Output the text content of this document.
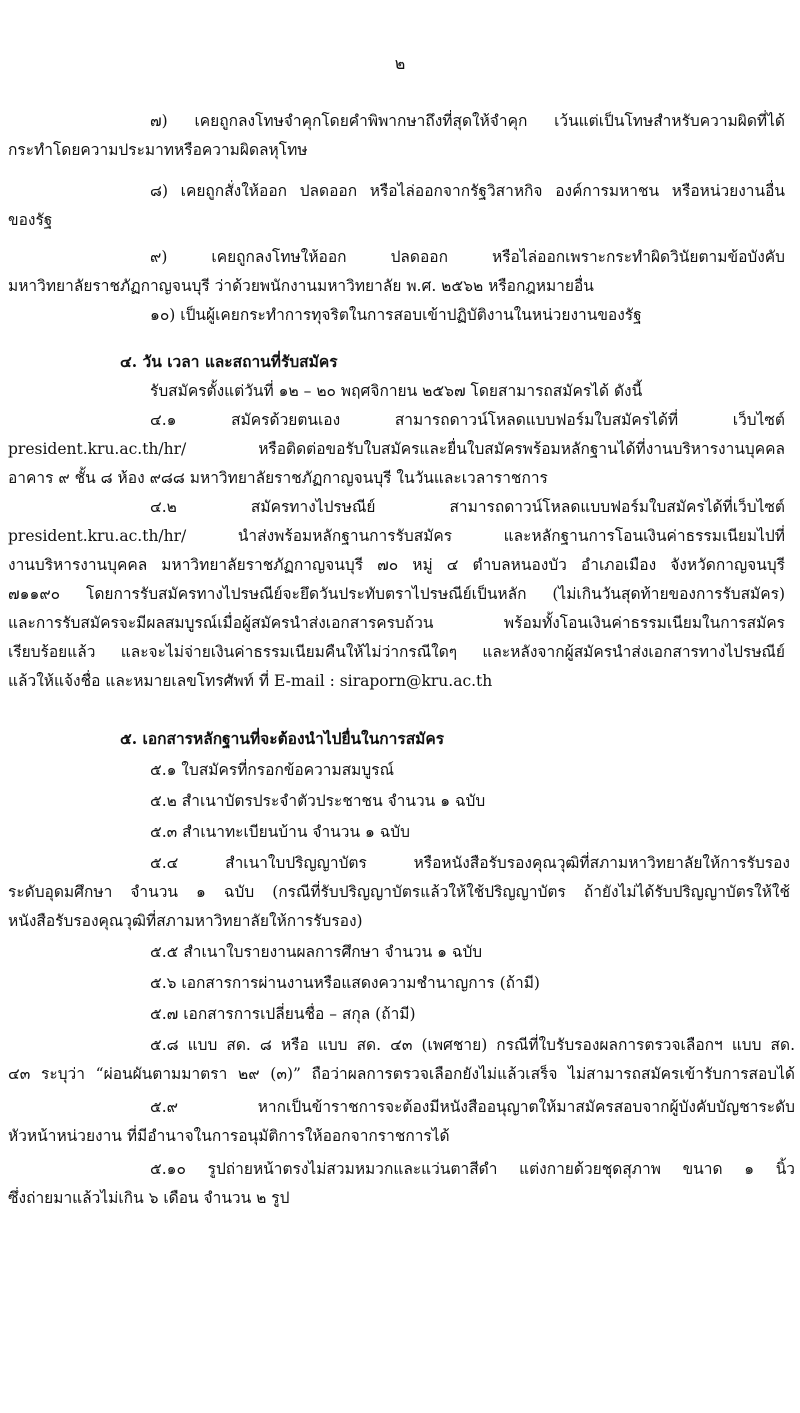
๒
๗) เคยถูกลงโทษจำคุกโดยคำพิพากษาถึงที่สุดให้จำคุก เว้นแต่เป็นโทษสำหรับความผิดที่ได้
กระทำโดยความประมาทหรือความผิดลหุโทษ
๘) เคยถูกสั่งให้ออก ปลดออก หรือไล่ออกจากรัฐวิสาหกิจ องค์การมหาชน หรือหน่วยงานอื่น
ของรัฐ
๙) เคยถูกลงโทษให้ออก ปลดออก หรือไล่ออกเพราะกระทำผิดวินัยตามข้อบังคับ
มหาวิทยาลัยราชภัฏกาญจนบุรี ว่าด้วยพนักงานมหาวิทยาลัย พ.ศ. ๒๕๖๒ หรือกฎหมายอื่น
๑๐) เป็นผู้เคยกระทำการทุจริตในการสอบเข้าปฏิบัติงานในหน่วยงานของรัฐ
๔. วัน เวลา และสถานที่รับสมัคร
รับสมัครตั้งแต่วันที่ ๑๒ – ๒๐ พฤศจิกายน ๒๕๖๗ โดยสามารถสมัครได้ ดังนี้
๔.๑ สมัครด้วยตนเอง สามารถดาวน์โหลดแบบฟอร์มใบสมัครได้ที่ เว็บไซต์
president.kru.ac.th/hr/ หรือติดต่อขอรับใบสมัครและยื่นใบสมัครพร้อมหลักฐานได้ที่งานบริหารงานบุคคล
อาคาร ๙ ชั้น ๘ ห้อง ๙๘๘ มหาวิทยาลัยราชภัฏกาญจนบุรี ในวันและเวลาราชการ
๔.๒ สมัครทางไปรษณีย์ สามารถดาวน์โหลดแบบฟอร์มใบสมัครได้ที่เว็บไซต์
president.kru.ac.th/hr/ นำส่งพร้อมหลักฐานการรับสมัคร และหลักฐานการโอนเงินค่าธรรมเนียมไปที่
งานบริหารงานบุคคล มหาวิทยาลัยราชภัฏกาญจนบุรี ๗๐ หมู่ ๔ ตำบลหนองบัว อำเภอเมือง จังหวัดกาญจนบุรี
๗๑๑๙๐ โดยการรับสมัครทางไปรษณีย์จะยึดวันประทับตราไปรษณีย์เป็นหลัก (ไม่เกินวันสุดท้ายของการรับสมัคร)
และการรับสมัครจะมีผลสมบูรณ์เมื่อผู้สมัครนำส่งเอกสารครบถ้วน พร้อมทั้งโอนเงินค่าธรรมเนียมในการสมัคร
เรียบร้อยแล้ว และจะไม่จ่ายเงินค่าธรรมเนียมคืนให้ไม่ว่ากรณีใดๆ และหลังจากผู้สมัครนำส่งเอกสารทางไปรษณีย์
แล้วให้แจ้งชื่อ และหมายเลขโทรศัพท์ ที่ E-mail : siraporn@kru.ac.th
๕. เอกสารหลักฐานที่จะต้องนำไปยื่นในการสมัคร
๕.๑ ใบสมัครที่กรอกข้อความสมบูรณ์
๕.๒ สำเนาบัตรประจำตัวประชาชน จำนวน ๑ ฉบับ
๕.๓ สำเนาทะเบียนบ้าน จำนวน ๑ ฉบับ
๕.๔ สำเนาใบปริญญาบัตร หรือหนังสือรับรองคุณวุฒิที่สภามหาวิทยาลัยให้การรับรอง
ระดับอุดมศึกษา จำนวน ๑ ฉบับ (กรณีที่รับปริญญาบัตรแล้วให้ใช้ปริญญาบัตร ถ้ายังไม่ได้รับปริญญาบัตรให้ใช้
หนังสือรับรองคุณวุฒิที่สภามหาวิทยาลัยให้การรับรอง)
๕.๕ สำเนาใบรายงานผลการศึกษา จำนวน ๑ ฉบับ
๕.๖ เอกสารการผ่านงานหรือแสดงความชำนาญการ (ถ้ามี)
๕.๗ เอกสารการเปลี่ยนชื่อ – สกุล (ถ้ามี)
๕.๘ แบบ สด. ๘ หรือ แบบ สด. ๔๓ (เพศชาย) กรณีที่ใบรับรองผลการตรวจเลือกฯ แบบ สด.
๔๓ ระบุว่า “ผ่อนผันตามมาตรา ๒๙ (๓)” ถือว่าผลการตรวจเลือกยังไม่แล้วเสร็จ ไม่สามารถสมัครเข้ารับการสอบได้
๕.๙ หากเป็นข้าราชการจะต้องมีหนังสืออนุญาตให้มาสมัครสอบจากผู้บังคับบัญชาระดับ
หัวหน้าหน่วยงาน ที่มีอำนาจในการอนุมัติการให้ออกจากราชการได้
๕.๑๐ รูปถ่ายหน้าตรงไม่สวมหมวกและแว่นตาสีดำ แต่งกายด้วยชุดสุภาพ ขนาด ๑ นิ้ว
ซึ่งถ่ายมาแล้วไม่เกิน ๖ เดือน จำนวน ๒ รูป
